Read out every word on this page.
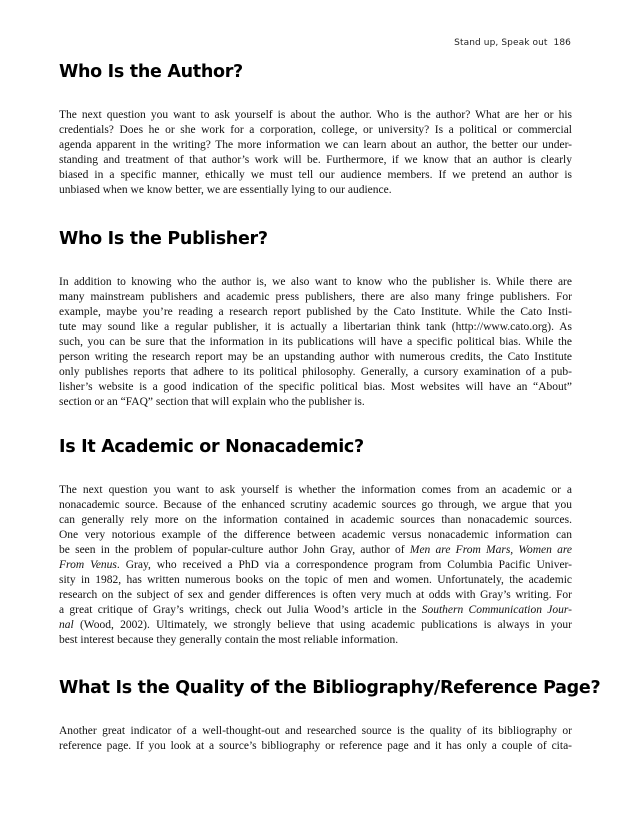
Stand up, Speak out 186
Who Is the Author?
The next question you want to ask yourself is about the author. Who is the author? What are her or his
credentials? Does he or she work for a corporation, college, or university? Is a political or commercial
agenda apparent in the writing? The more information we can learn about an author, the better our under-
standing and treatment of that author’s work will be. Furthermore, if we know that an author is clearly
biased in a specific manner, ethically we must tell our audience members. If we pretend an author is
unbiased when we know better, we are essentially lying to our audience.
Who Is the Publisher?
In addition to knowing who the author is, we also want to know who the publisher is. While there are
many mainstream publishers and academic press publishers, there are also many fringe publishers. For
example, maybe you’re reading a research report published by the Cato Institute. While the Cato Insti-
tute may sound like a regular publisher, it is actually a libertarian think tank (http://www.cato.org). As
such, you can be sure that the information in its publications will have a specific political bias. While the
person writing the research report may be an upstanding author with numerous credits, the Cato Institute
only publishes reports that adhere to its political philosophy. Generally, a cursory examination of a pub-
lisher’s website is a good indication of the specific political bias. Most websites will have an “About”
section or an “FAQ” section that will explain who the publisher is.
Is It Academic or Nonacademic?
The next question you want to ask yourself is whether the information comes from an academic or a
nonacademic source. Because of the enhanced scrutiny academic sources go through, we argue that you
can generally rely more on the information contained in academic sources than nonacademic sources.
One very notorious example of the difference between academic versus nonacademic information can
be seen in the problem of popular-culture author John Gray, author of Men are From Mars, Women are
From Venus. Gray, who received a PhD via a correspondence program from Columbia Pacific Univer-
sity in 1982, has written numerous books on the topic of men and women. Unfortunately, the academic
research on the subject of sex and gender differences is often very much at odds with Gray’s writing. For
a great critique of Gray’s writings, check out Julia Wood’s article in the Southern Communication Jour-
nal (Wood, 2002). Ultimately, we strongly believe that using academic publications is always in your
best interest because they generally contain the most reliable information.
What Is the Quality of the Bibliography/Reference Page?
Another great indicator of a well-thought-out and researched source is the quality of its bibliography or
reference page. If you look at a source’s bibliography or reference page and it has only a couple of cita-
